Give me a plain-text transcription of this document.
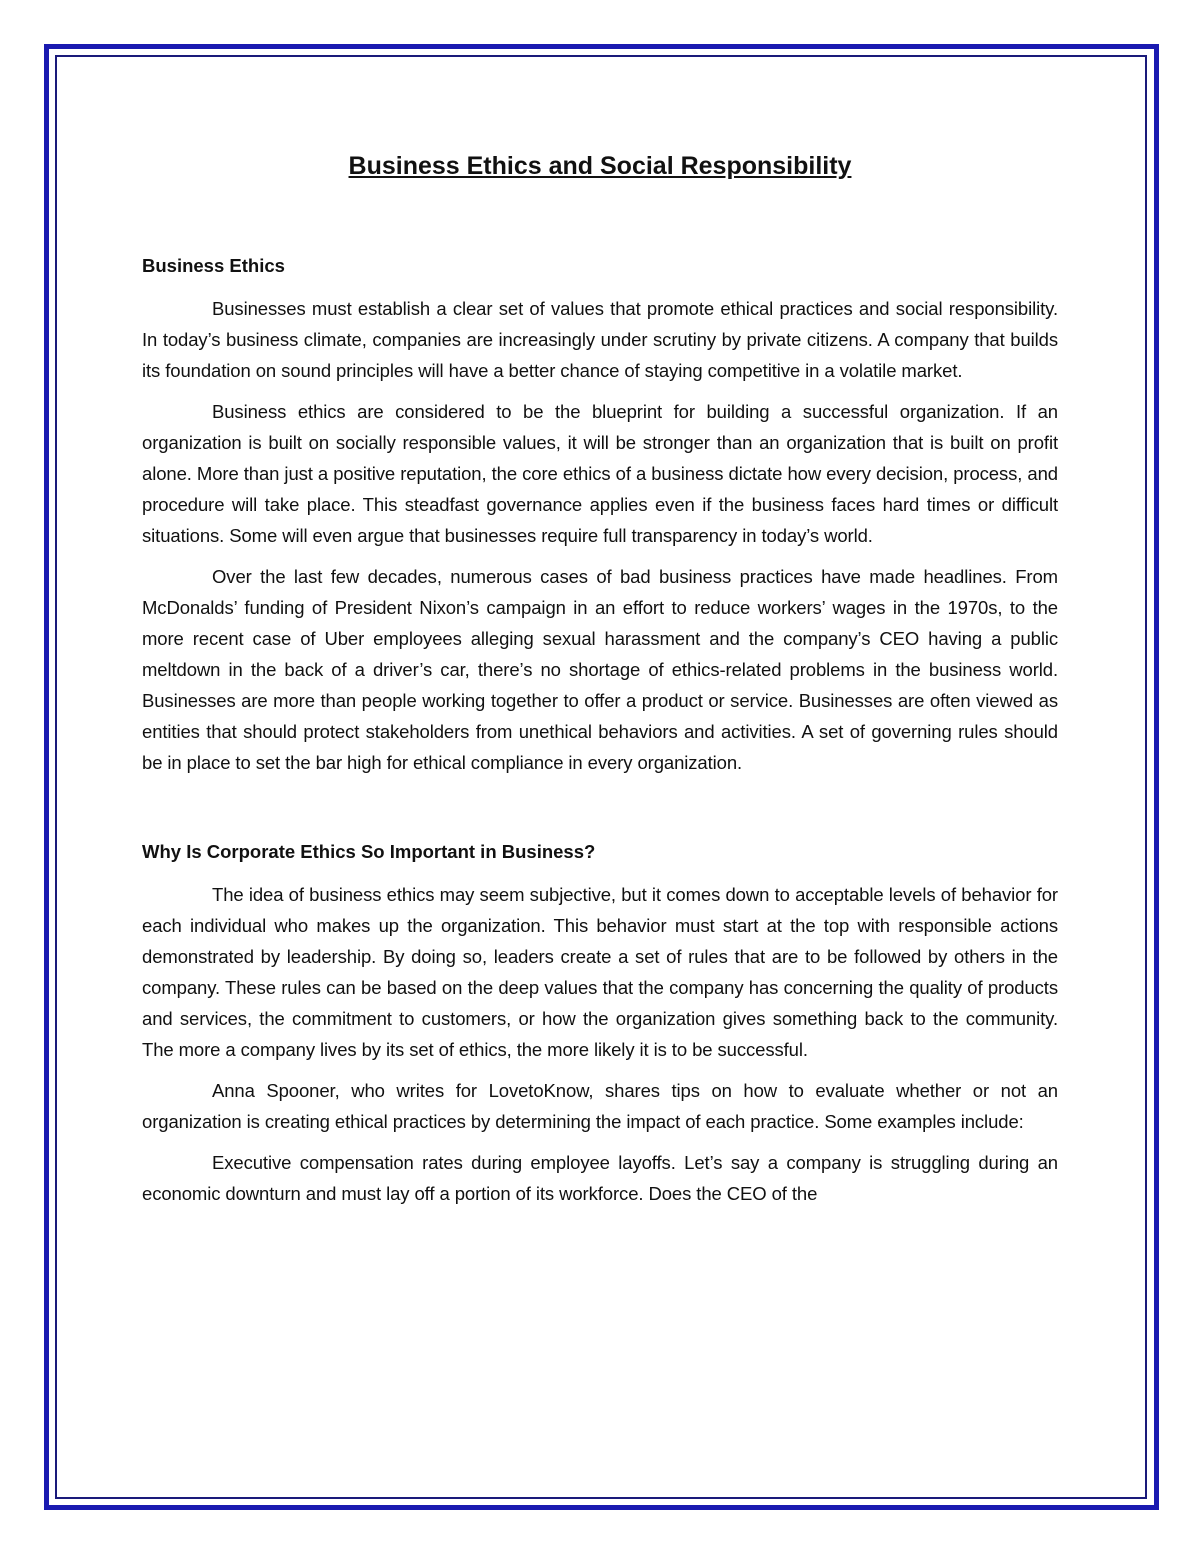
Business Ethics and Social Responsibility
Business Ethics

Businesses must establish a clear set of values that promote ethical practices and social responsibility. In today’s business climate, companies are increasingly under scrutiny by private citizens. A company that builds its foundation on sound principles will have a better chance of staying competitive in a volatile market.

Business ethics are considered to be the blueprint for building a successful organization. If an organization is built on socially responsible values, it will be stronger than an organization that is built on profit alone. More than just a positive reputation, the core ethics of a business dictate how every decision, process, and procedure will take place. This steadfast governance applies even if the business faces hard times or difficult situations. Some will even argue that businesses require full transparency in today’s world.

Over the last few decades, numerous cases of bad business practices have made headlines. From McDonalds’ funding of President Nixon’s campaign in an effort to reduce workers’ wages in the 1970s, to the more recent case of Uber employees alleging sexual harassment and the company’s CEO having a public meltdown in the back of a driver’s car, there’s no shortage of ethics-related problems in the business world. Businesses are more than people working together to offer a product or service. Businesses are often viewed as entities that should protect stakeholders from unethical behaviors and activities. A set of governing rules should be in place to set the bar high for ethical compliance in every organization.

Why Is Corporate Ethics So Important in Business?

The idea of business ethics may seem subjective, but it comes down to acceptable levels of behavior for each individual who makes up the organization. This behavior must start at the top with responsible actions demonstrated by leadership. By doing so, leaders create a set of rules that are to be followed by others in the company. These rules can be based on the deep values that the company has concerning the quality of products and services, the commitment to customers, or how the organization gives something back to the community. The more a company lives by its set of ethics, the more likely it is to be successful.

Anna Spooner, who writes for LovetoKnow, shares tips on how to evaluate whether or not an organization is creating ethical practices by determining the impact of each practice. Some examples include:

Executive compensation rates during employee layoffs. Let’s say a company is struggling during an economic downturn and must lay off a portion of its workforce. Does the CEO of the
